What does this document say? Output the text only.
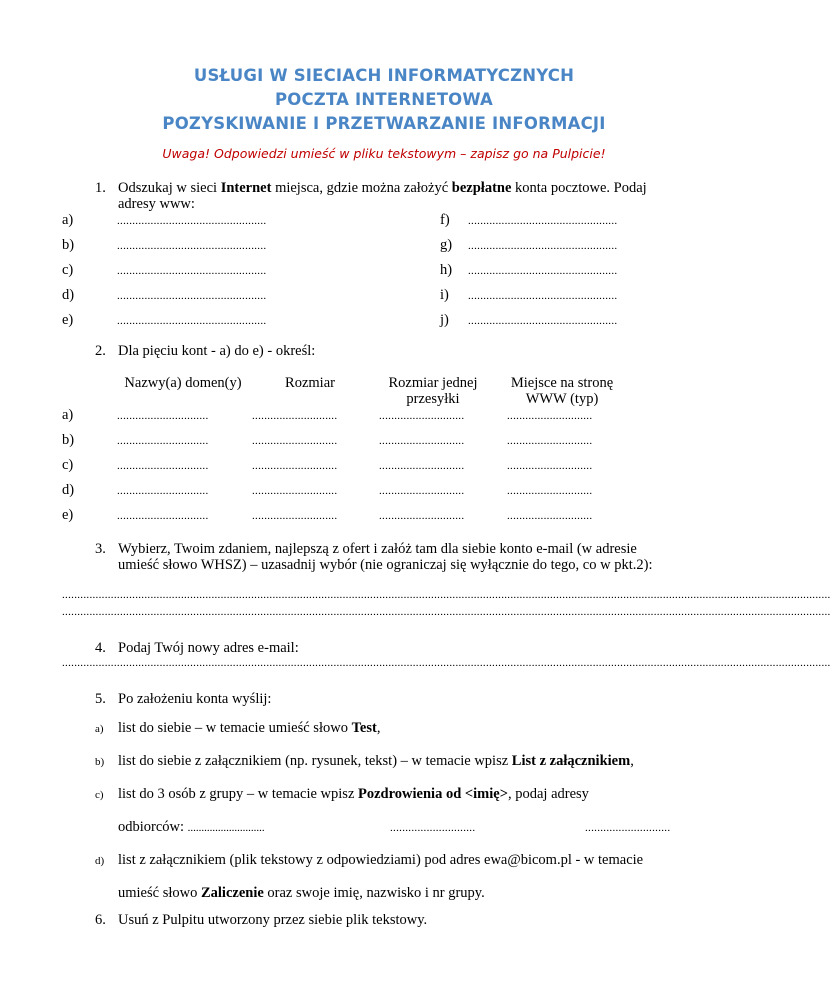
USŁUGI W SIECIACH INFORMATYCZNYCH
POCZTA INTERNETOWA
POZYSKIWANIE I PRZETWARZANIE INFORMACJI
Uwaga! Odpowiedzi umieść w pliku tekstowym – zapisz go na Pulpicie!
1. Odszukaj w sieci Internet miejsca, gdzie można założyć bezpłatne konta pocztowe. Podaj
adresy www:
a)	.................................................	f) .................................................
b)	.................................................	g) .................................................
c)	.................................................	h) .................................................
d)	.................................................	i) .................................................
e)	.................................................	j) .................................................
2. Dla pięciu kont - a) do e) - określ:
Nazwy(a) domen(y)	Rozmiar	Rozmiar jednej
przesyłki
Miejsce na stronę
WWW (typ)
a)	..............................	............................	............................	............................
b)	..............................	............................	............................	............................
c)	..............................	............................	............................	............................
d)	..............................	............................	............................	............................
e)	..............................	............................	............................	............................
3. Wybierz, Twoim zdaniem, najlepszą z ofert i załóż tam dla siebie konto e-mail (w adresie
umieść słowo WHSZ) – uzasadnij wybór (nie ograniczaj się wyłącznie do tego, co w pkt.2):
............................................................................................................................................................................................................................................................
............................................................................................................................................................................................................................................................
4. Podaj Twój nowy adres e-mail:
............................................................................................................................................................................................................................................................
5. Po założeniu konta wyślij:
a) list do siebie – w temacie umieść słowo Test,
b) list do siebie z załącznikiem (np. rysunek, tekst) – w temacie wpisz List z załącznikiem,
c) list do 3 osób z grupy – w temacie wpisz Pozdrowienia od <imię>, podaj adresy
odbiorców: ............................	............................	............................
d) list z załącznikiem (plik tekstowy z odpowiedziami) pod adres ewa@bicom.pl - w temacie
umieść słowo Zaliczenie oraz swoje imię, nazwisko i nr grupy.
6. Usuń z Pulpitu utworzony przez siebie plik tekstowy.
